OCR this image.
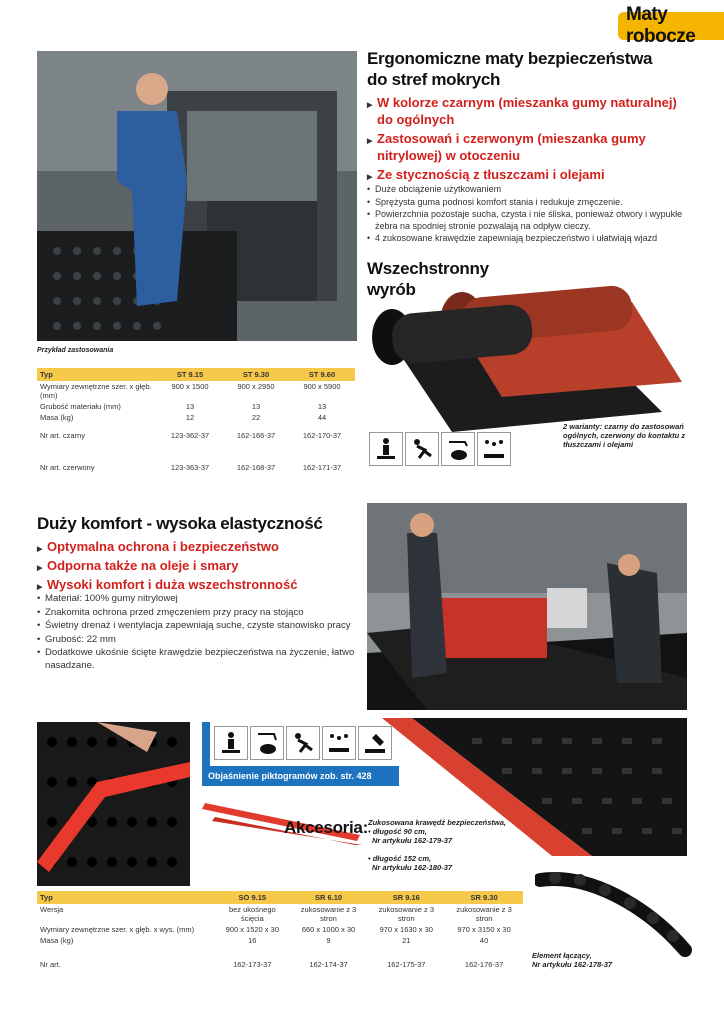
Maty robocze
Przykład zastosowania
Ergonomiczne maty bezpieczeństwa
do stref mokrych
▶ W kolorze czarnym (mieszanka gumy naturalnej) do ogólnych
▶ Zastosowań i czerwonym (mieszanka gumy nitrylowej) w otoczeniu
▶ Ze stycznością z tłuszczami i olejami
• Duże obciążenie użytkowaniem
• Sprężysta guma podnosi komfort stania i redukuje zmęczenie.
• Powierzchnia pozostaje sucha, czysta i nie śliska, ponieważ otwory i wypukłe żebra na spodniej stronie pozwalają na odpływ cieczy.
• 4 zukosowane krawędzie zapewniają bezpieczeństwo i ułatwiają wjazd
Wszechstronny
wyrób
2 warianty: czarny do zastosowań ogólnych, czerwony do kontaktu z tłuszczami i olejami
Typ	ST 9.15	ST 9.30	ST 9.60
Wymiary zewnętrzne szer. x głęb. (mm)	900 x 1500	900 x 2950	900 x 5900
Grubość materiału (mm)	13	13	13
Masa (kg)	12	22	44
Nr art. czarny	123-362-37	162-166-37	162-170-37
Nr art. czerwony	123-363-37	162-168-37	162-171-37
Duży komfort - wysoka elastyczność
▶ Optymalna ochrona i bezpieczeństwo
▶ Odporna także na oleje i smary
▶ Wysoki komfort i duża wszechstronność
• Materiał: 100% gumy nitrylowej
• Znakomita ochrona przed zmęczeniem przy pracy na stojąco
• Świetny drenaż i wentylacja zapewniają suche, czyste stanowisko pracy
• Grubość: 22 mm
• Dodatkowe ukośnie ścięte krawędzie bezpieczeństwa na życzenie, łatwo nasadzane.
Objaśnienie piktogramów zob. str. 428
Akcesoria: Zukosowana krawędź bezpieczeństwa,
• długość 90 cm,
Nr artykułu 162-179-37
• długość 152 cm,
Nr artykułu 162-180-37
Element łączący,
Nr artykułu 162-178-37
Typ	SO 9.15	SR 6.10	SR 9.16	SR 9.30
Wersja	bez ukośnego ścięcia	zukosowanie z 3 stron	zukosowanie z 3 stron	zukosowanie z 3 stron
Wymiary zewnętrzne szer. x głęb. x wys. (mm)	900 x 1520 x 30	660 x 1000 x 30	970 x 1630 x 30	970 x 3150 x 30
Masa (kg)	16	9	21	40
Nr art.	162-173-37	162-174-37	162-175-37	162-176-37
